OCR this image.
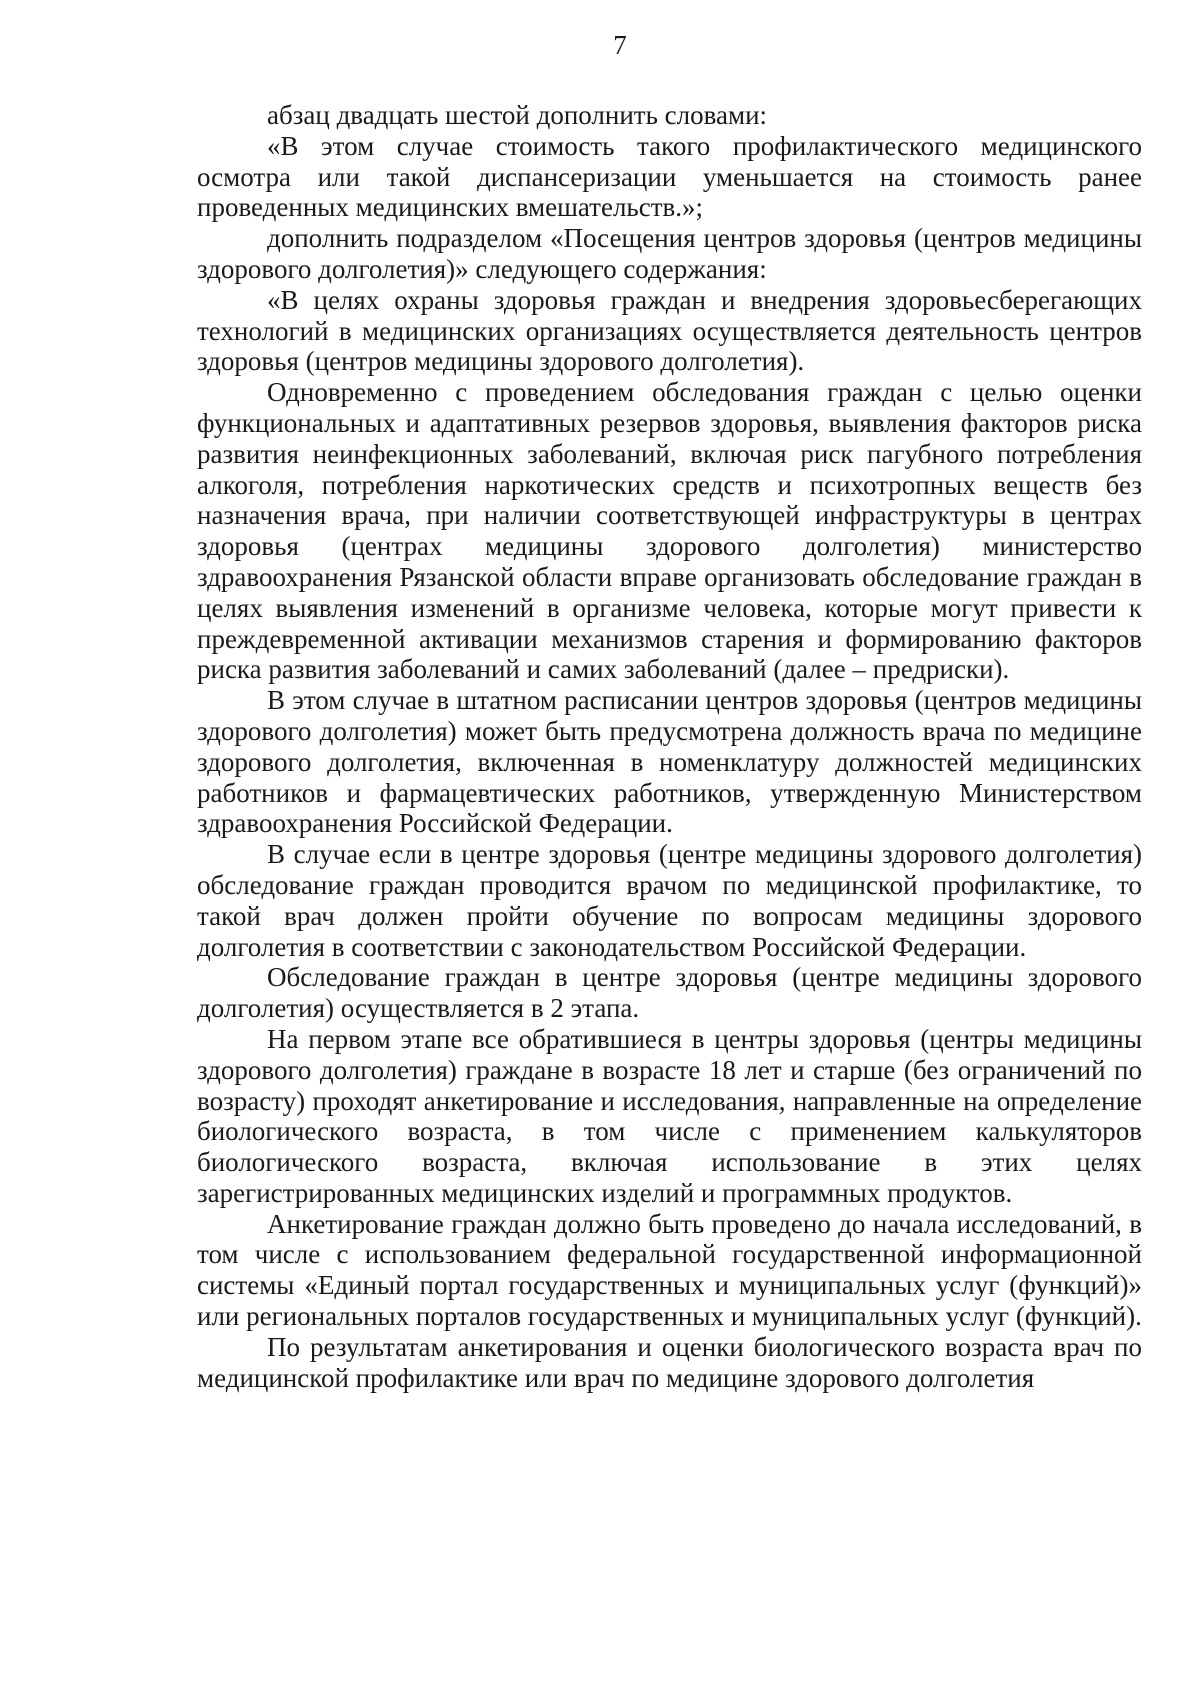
7

абзац двадцать шестой дополнить словами:

«В этом случае стоимость такого профилактического медицинского осмотра или такой диспансеризации уменьшается на стоимость ранее проведенных медицинских вмешательств.»;

дополнить подразделом «Посещения центров здоровья (центров медицины здорового долголетия)» следующего содержания:

«В целях охраны здоровья граждан и внедрения здоровьесберегающих технологий в медицинских организациях осуществляется деятельность центров здоровья (центров медицины здорового долголетия).

Одновременно с проведением обследования граждан с целью оценки функциональных и адаптативных резервов здоровья, выявления факторов риска развития неинфекционных заболеваний, включая риск пагубного потребления алкоголя, потребления наркотических средств и психотропных веществ без назначения врача, при наличии соответствующей инфраструктуры в центрах здоровья (центрах медицины здорового долголетия) министерство здравоохранения Рязанской области вправе организовать обследование граждан в целях выявления изменений в организме человека, которые могут привести к преждевременной активации механизмов старения и формированию факторов риска развития заболеваний и самих заболеваний (далее – предриски).

В этом случае в штатном расписании центров здоровья (центров медицины здорового долголетия) может быть предусмотрена должность врача по медицине здорового долголетия, включенная в номенклатуру должностей медицинских работников и фармацевтических работников, утвержденную Министерством здравоохранения Российской Федерации.

В случае если в центре здоровья (центре медицины здорового долголетия) обследование граждан проводится врачом по медицинской профилактике, то такой врач должен пройти обучение по вопросам медицины здорового долголетия в соответствии с законодательством Российской Федерации.

Обследование граждан в центре здоровья (центре медицины здорового долголетия) осуществляется в 2 этапа.

На первом этапе все обратившиеся в центры здоровья (центры медицины здорового долголетия) граждане в возрасте 18 лет и старше (без ограничений по возрасту) проходят анкетирование и исследования, направленные на определение биологического возраста, в том числе с применением калькуляторов биологического возраста, включая использование в этих целях зарегистрированных медицинских изделий и программных продуктов.

Анкетирование граждан должно быть проведено до начала исследований, в том числе с использованием федеральной государственной информационной системы «Единый портал государственных и муниципальных услуг (функций)» или региональных порталов государственных и муниципальных услуг (функций).

По результатам анкетирования и оценки биологического возраста врач по медицинской профилактике или врач по медицине здорового долголетия
